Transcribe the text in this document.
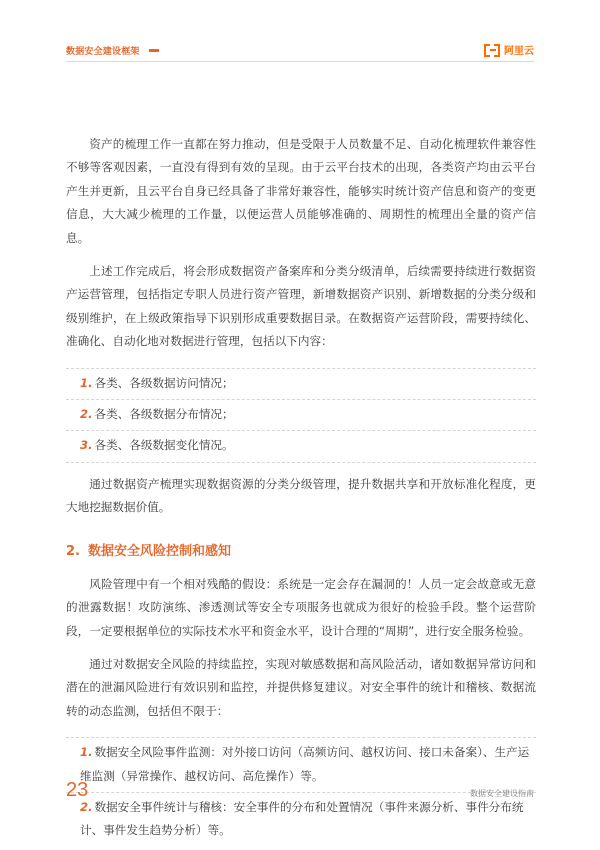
数据安全建设框架	阿里云

资产的梳理工作一直都在努力推动，但是受限于人员数量不足、自动化梳理软件兼容性不够等客观因素，一直没有得到有效的呈现。由于云平台技术的出现，各类资产均由云平台产生并更新，且云平台自身已经具备了非常好兼容性，能够实时统计资产信息和资产的变更信息，大大减少梳理的工作量，以便运营人员能够准确的、周期性的梳理出全量的资产信息。

上述工作完成后，将会形成数据资产备案库和分类分级清单，后续需要持续进行数据资产运营管理，包括指定专职人员进行资产管理，新增数据资产识别、新增数据的分类分级和级别维护，在上级政策指导下识别形成重要数据目录。在数据资产运营阶段，需要持续化、准确化、自动化地对数据进行管理，包括以下内容：

1. 各类、各级数据访问情况；
2. 各类、各级数据分布情况；
3. 各类、各级数据变化情况。

通过数据资产梳理实现数据资源的分类分级管理，提升数据共享和开放标准化程度，更大地挖掘数据价值。

2. 数据安全风险控制和感知

风险管理中有一个相对残酷的假设：系统是一定会存在漏洞的！人员一定会故意或无意的泄露数据！攻防演练、渗透测试等安全专项服务也就成为很好的检验手段。整个运营阶段，一定要根据单位的实际技术水平和资金水平，设计合理的“周期”，进行安全服务检验。

通过对数据安全风险的持续监控，实现对敏感数据和高风险活动，诸如数据异常访问和潜在的泄漏风险进行有效识别和监控，并提供修复建议。对安全事件的统计和稽核、数据流转的动态监测，包括但不限于：

1. 数据安全风险事件监测：对外接口访问（高频访问、越权访问、接口未备案）、生产运维监测（异常操作、越权访问、高危操作）等。
2. 数据安全事件统计与稽核：安全事件的分布和处置情况（事件来源分析、事件分布统计、事件发生趋势分析）等。
23	数据安全建设指南
